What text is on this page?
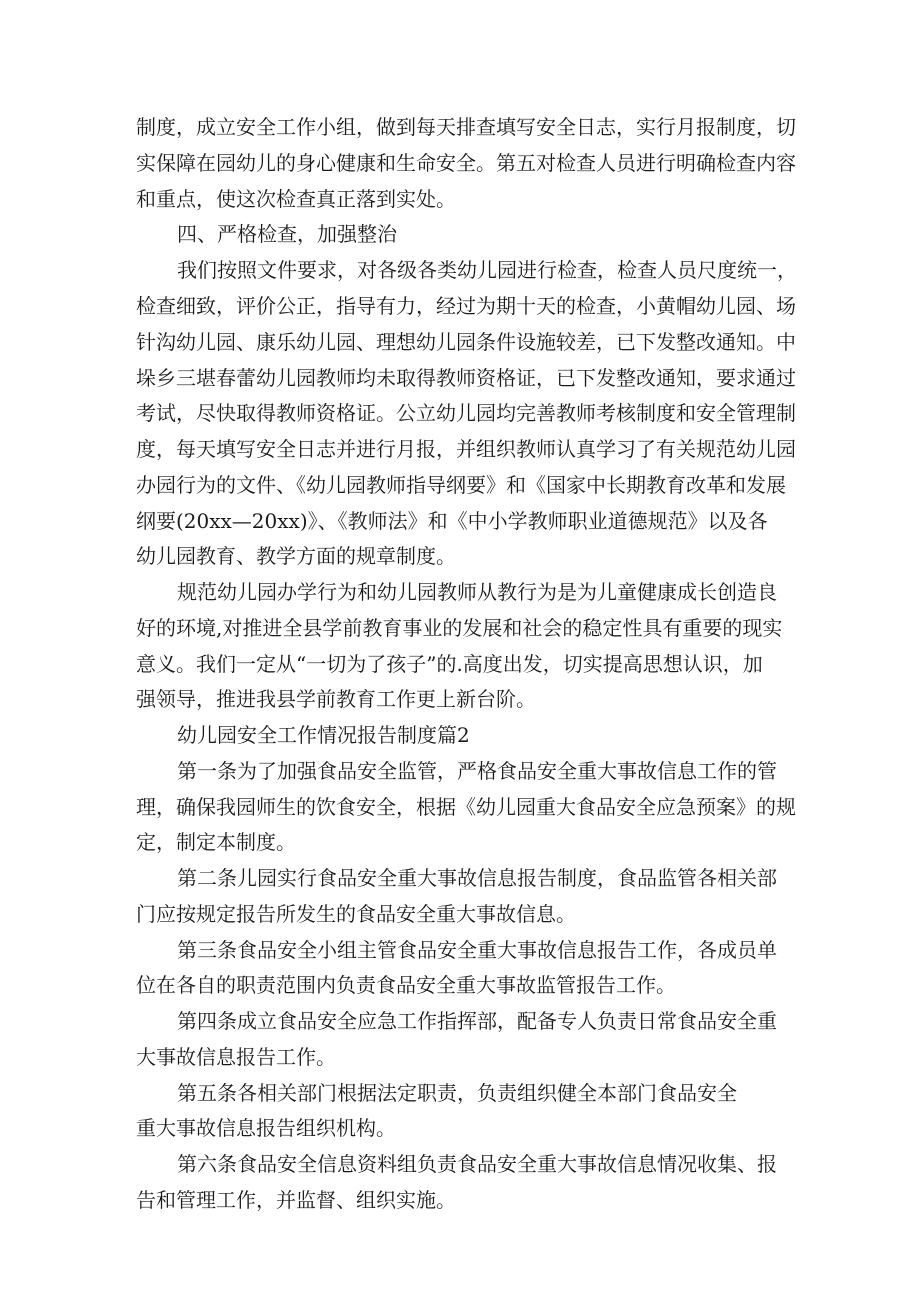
制度，成立安全工作小组，做到每天排查填写安全日志，实行月报制度，切
实保障在园幼儿的身心健康和生命安全。第五对检查人员进行明确检查内容
和重点，使这次检查真正落到实处。
四、严格检查，加强整治
我们按照文件要求，对各级各类幼儿园进行检查，检查人员尺度统一，
检查细致，评价公正，指导有力，经过为期十天的检查，小黄帽幼儿园、场
针沟幼儿园、康乐幼儿园、理想幼儿园条件设施较差，已下发整改通知。中
垛乡三堪春蕾幼儿园教师均未取得教师资格证，已下发整改通知，要求通过
考试，尽快取得教师资格证。公立幼儿园均完善教师考核制度和安全管理制
度，每天填写安全日志并进行月报，并组织教师认真学习了有关规范幼儿园
办园行为的文件、《幼儿园教师指导纲要》和《国家中长期教育改革和发展
纲要(20xx—20xx)》、《教师法》和《中小学教师职业道德规范》以及各
幼儿园教育、教学方面的规章制度。
规范幼儿园办学行为和幼儿园教师从教行为是为儿童健康成长创造良
好的环境,对推进全县学前教育事业的发展和社会的稳定性具有重要的现实
意义。我们一定从“一切为了孩子”的.高度出发，切实提高思想认识，加
强领导，推进我县学前教育工作更上新台阶。
幼儿园安全工作情况报告制度篇2
第一条为了加强食品安全监管，严格食品安全重大事故信息工作的管
理，确保我园师生的饮食安全，根据《幼儿园重大食品安全应急预案》的规
定，制定本制度。
第二条儿园实行食品安全重大事故信息报告制度，食品监管各相关部
门应按规定报告所发生的食品安全重大事故信息。
第三条食品安全小组主管食品安全重大事故信息报告工作，各成员单
位在各自的职责范围内负责食品安全重大事故监管报告工作。
第四条成立食品安全应急工作指挥部，配备专人负责日常食品安全重
大事故信息报告工作。
第五条各相关部门根据法定职责，负责组织健全本部门食品安全
重大事故信息报告组织机构。
第六条食品安全信息资料组负责食品安全重大事故信息情况收集、报
告和管理工作，并监督、组织实施。
